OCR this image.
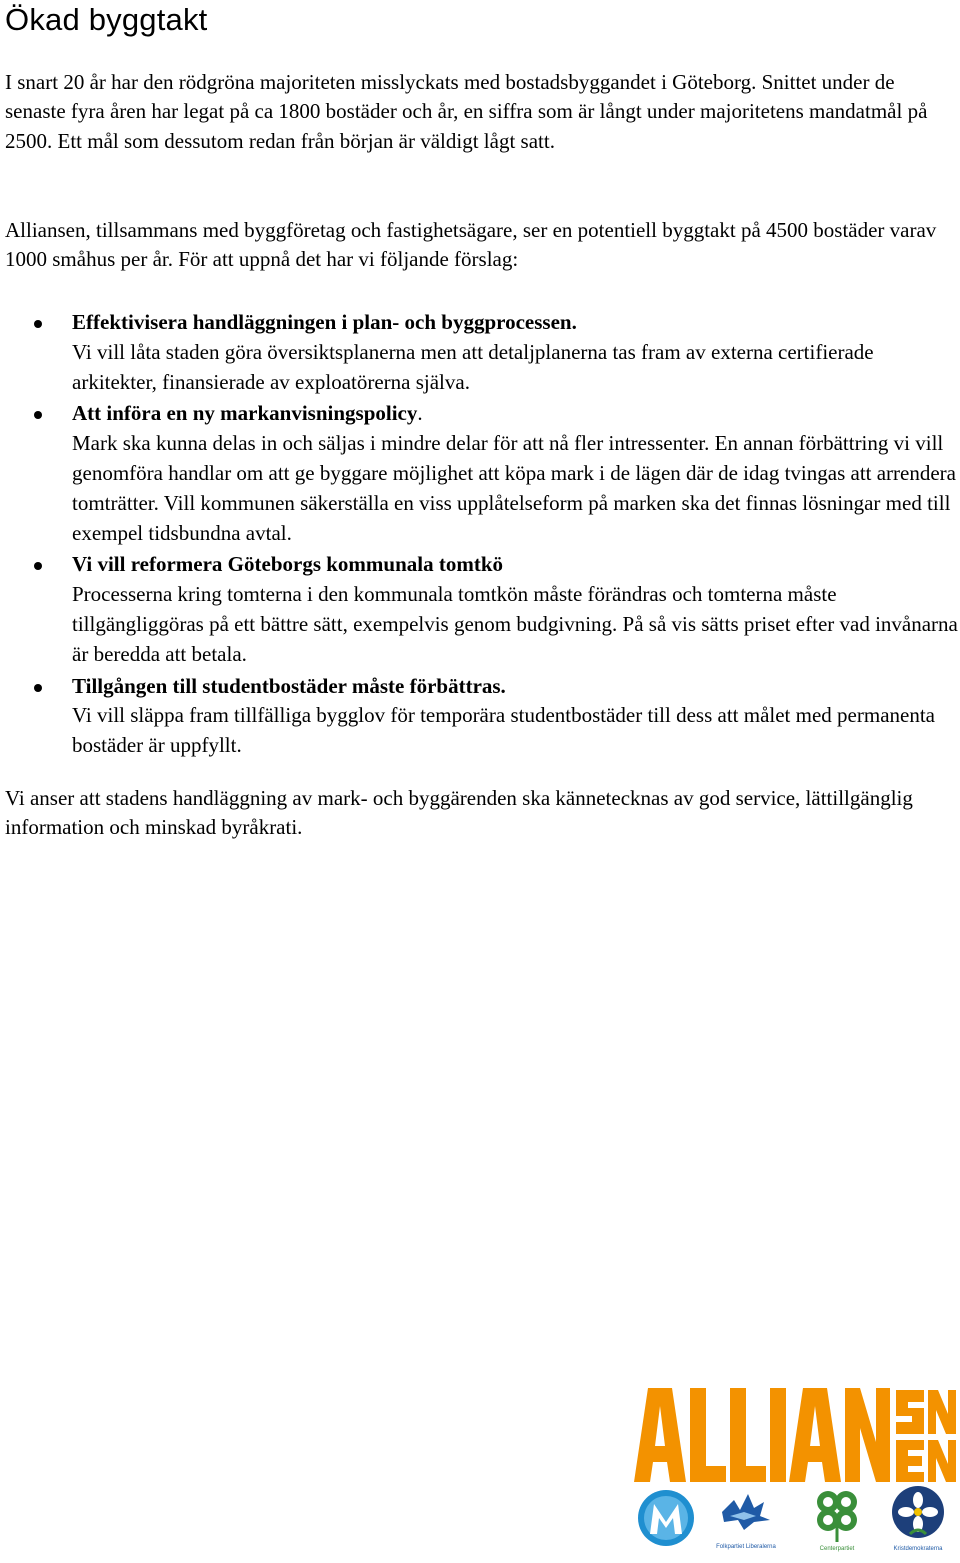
Ökad byggtakt

I snart 20 år har den rödgröna majoriteten misslyckats med bostadsbyggandet i Göteborg. Snittet under de senaste fyra åren har legat på ca 1800 bostäder och år, en siffra som är långt under majoritetens mandatmål på 2500. Ett mål som dessutom redan från början är väldigt lågt satt.

Alliansen, tillsammans med byggföretag och fastighetsägare, ser en potentiell byggtakt på 4500 bostäder varav 1000 småhus per år. För att uppnå det har vi följande förslag:

Effektivisera handläggningen i plan- och byggprocessen.
Vi vill låta staden göra översiktsplanerna men att detaljplanerna tas fram av externa certifierade arkitekter, finansierade av exploatörerna själva.
Att införa en ny markanvisningspolicy.
Mark ska kunna delas in och säljas i mindre delar för att nå fler intressenter. En annan förbättring vi vill genomföra handlar om att ge byggare möjlighet att köpa mark i de lägen där de idag tvingas att arrendera tomträtter. Vill kommunen säkerställa en viss upplåtelseform på marken ska det finnas lösningar med till exempel tidsbundna avtal.
Vi vill reformera Göteborgs kommunala tomtkö
Processerna kring tomterna i den kommunala tomtkön måste förändras och tomterna måste tillgängliggöras på ett bättre sätt, exempelvis genom budgivning. På så vis sätts priset efter vad invånarna är beredda att betala.
Tillgången till studentbostäder måste förbättras.
Vi vill släppa fram tillfälliga bygglov för temporära studentbostäder till dess att målet med permanenta bostäder är uppfyllt.

Vi anser att stadens handläggning av mark- och byggärenden ska kännetecknas av god service, lättillgänglig information och minskad byråkrati.

Folkpartiet Liberalerna	Centerpartiet	Kristdemokraterna
